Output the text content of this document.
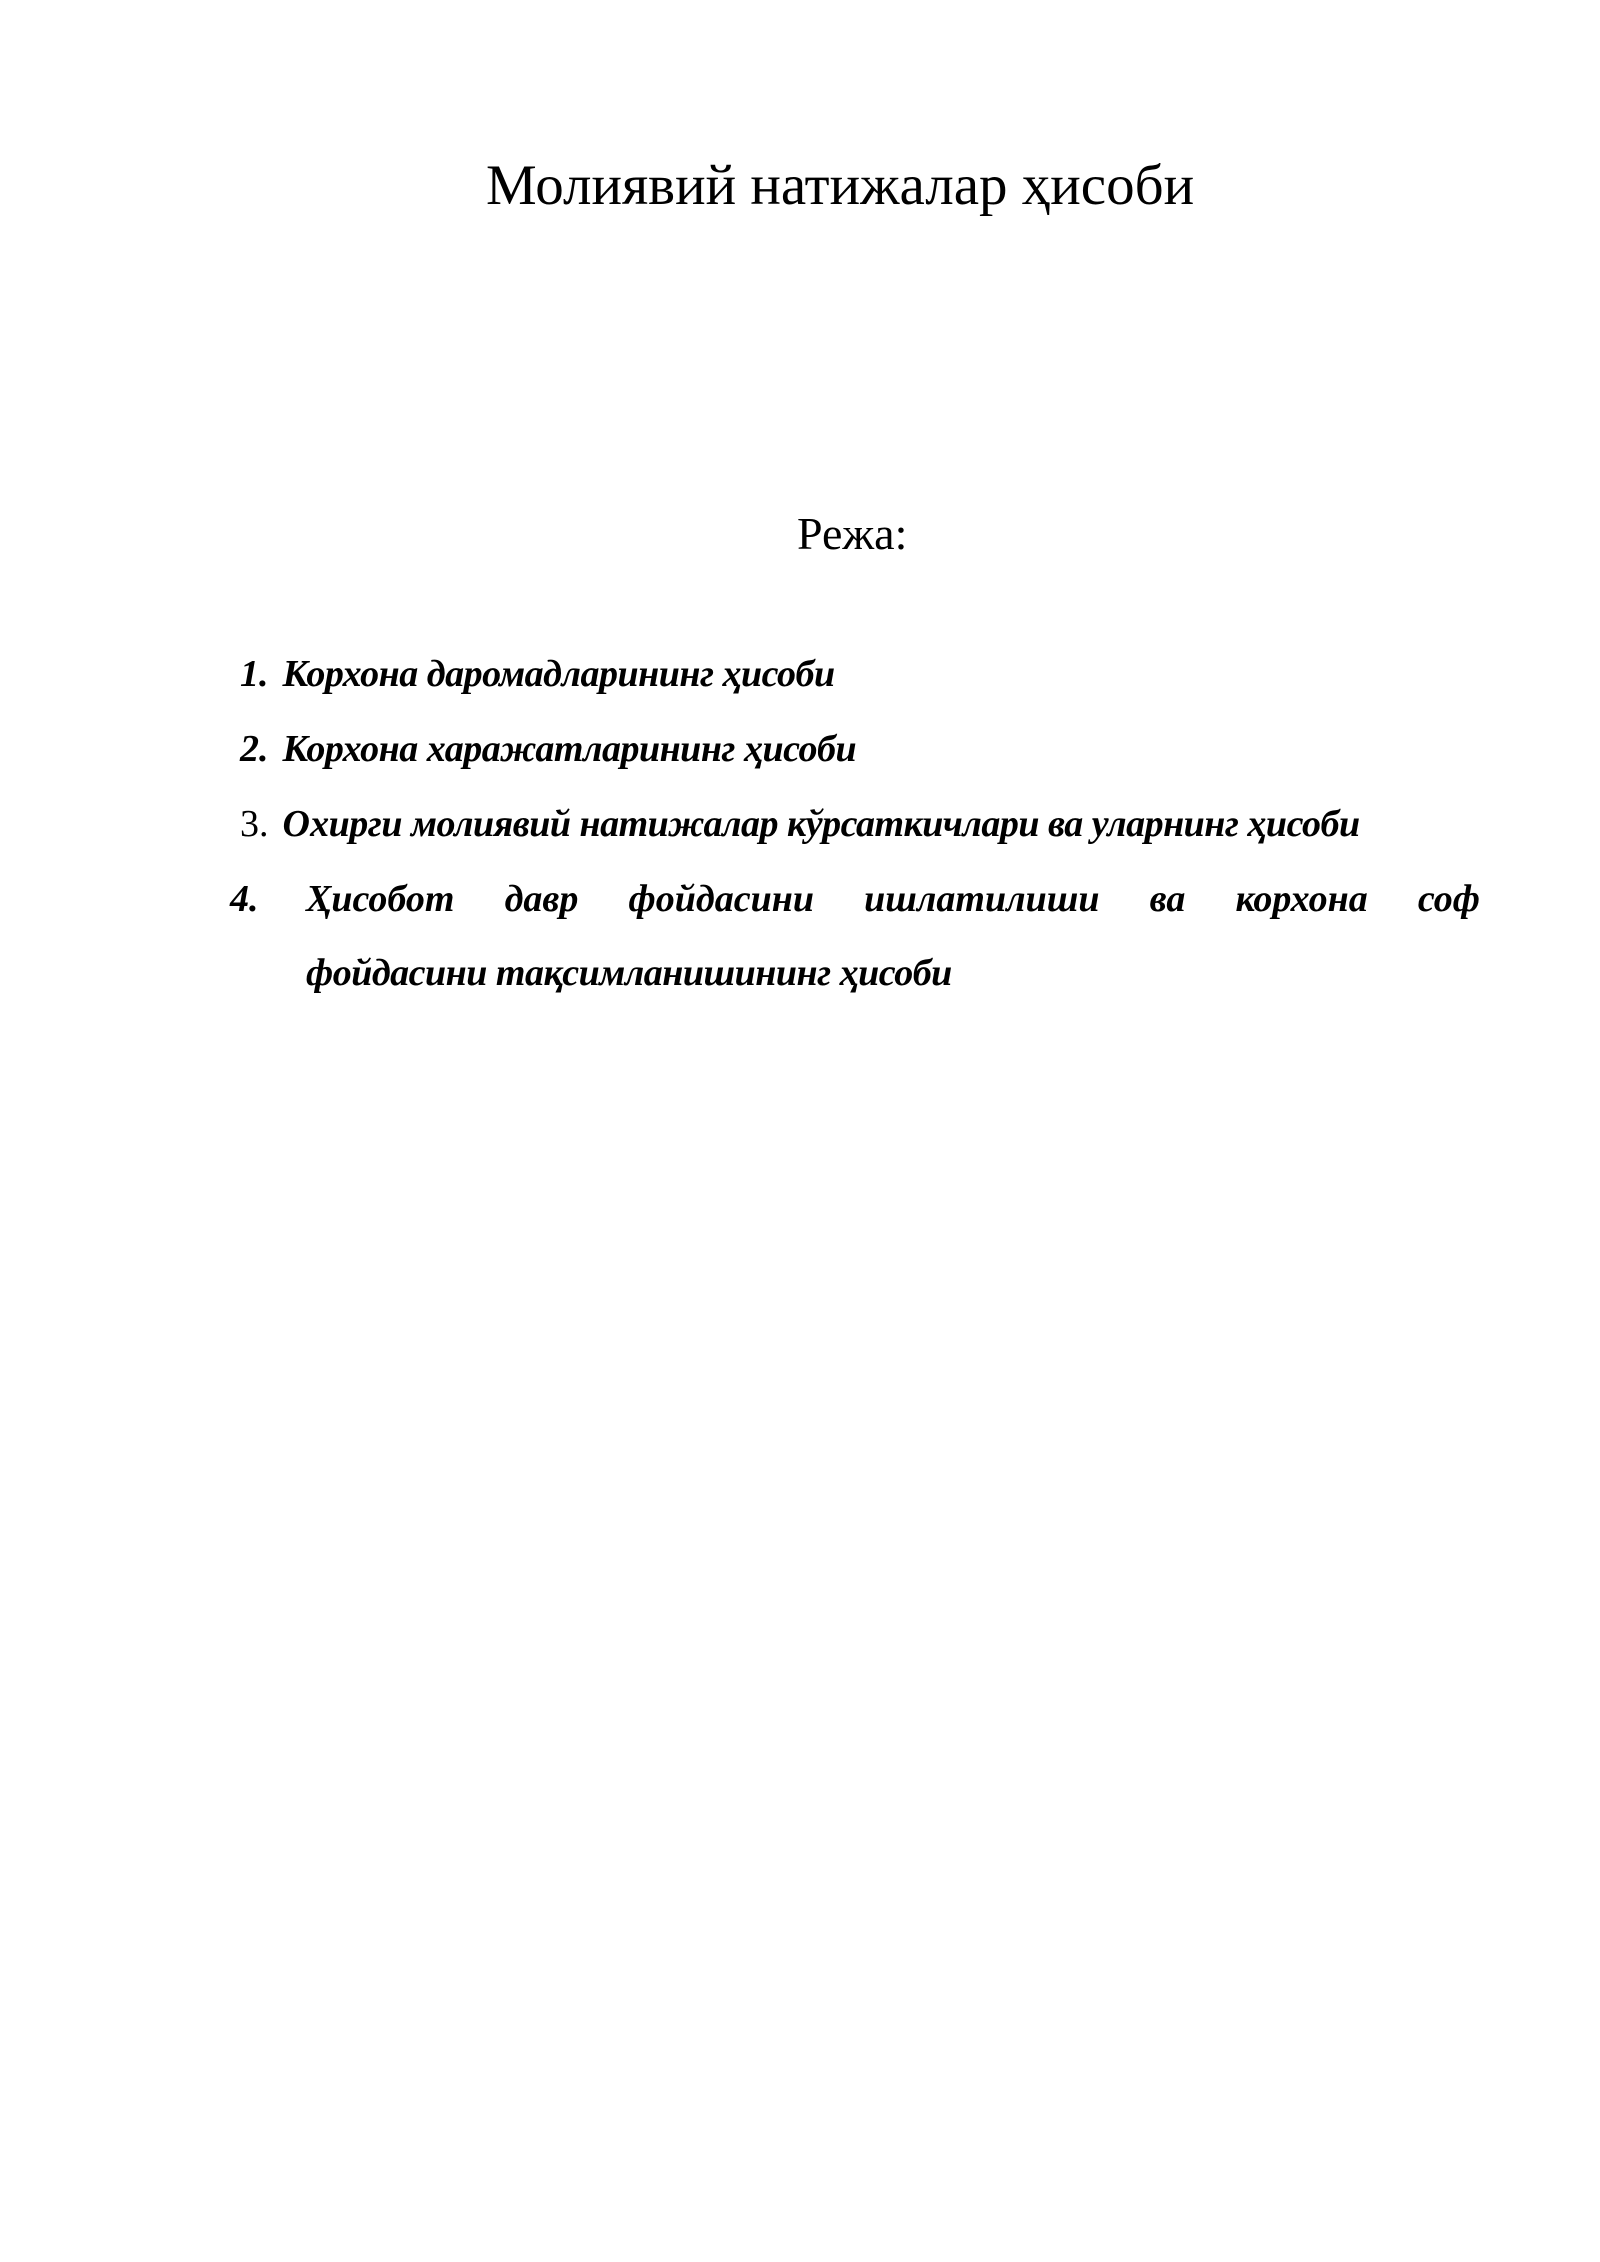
Молиявий натижалар ҳисоби
Режа:
1. Корхона даромадларининг ҳисоби
2. Корхона харажатларининг ҳисоби
3. Охирги молиявий натижалар кўрсаткичлари ва уларнинг ҳисоби
4. Ҳисобот давр фойдасини ишлатилиши ва корхона соф
фойдасини тақсимланишининг ҳисоби
